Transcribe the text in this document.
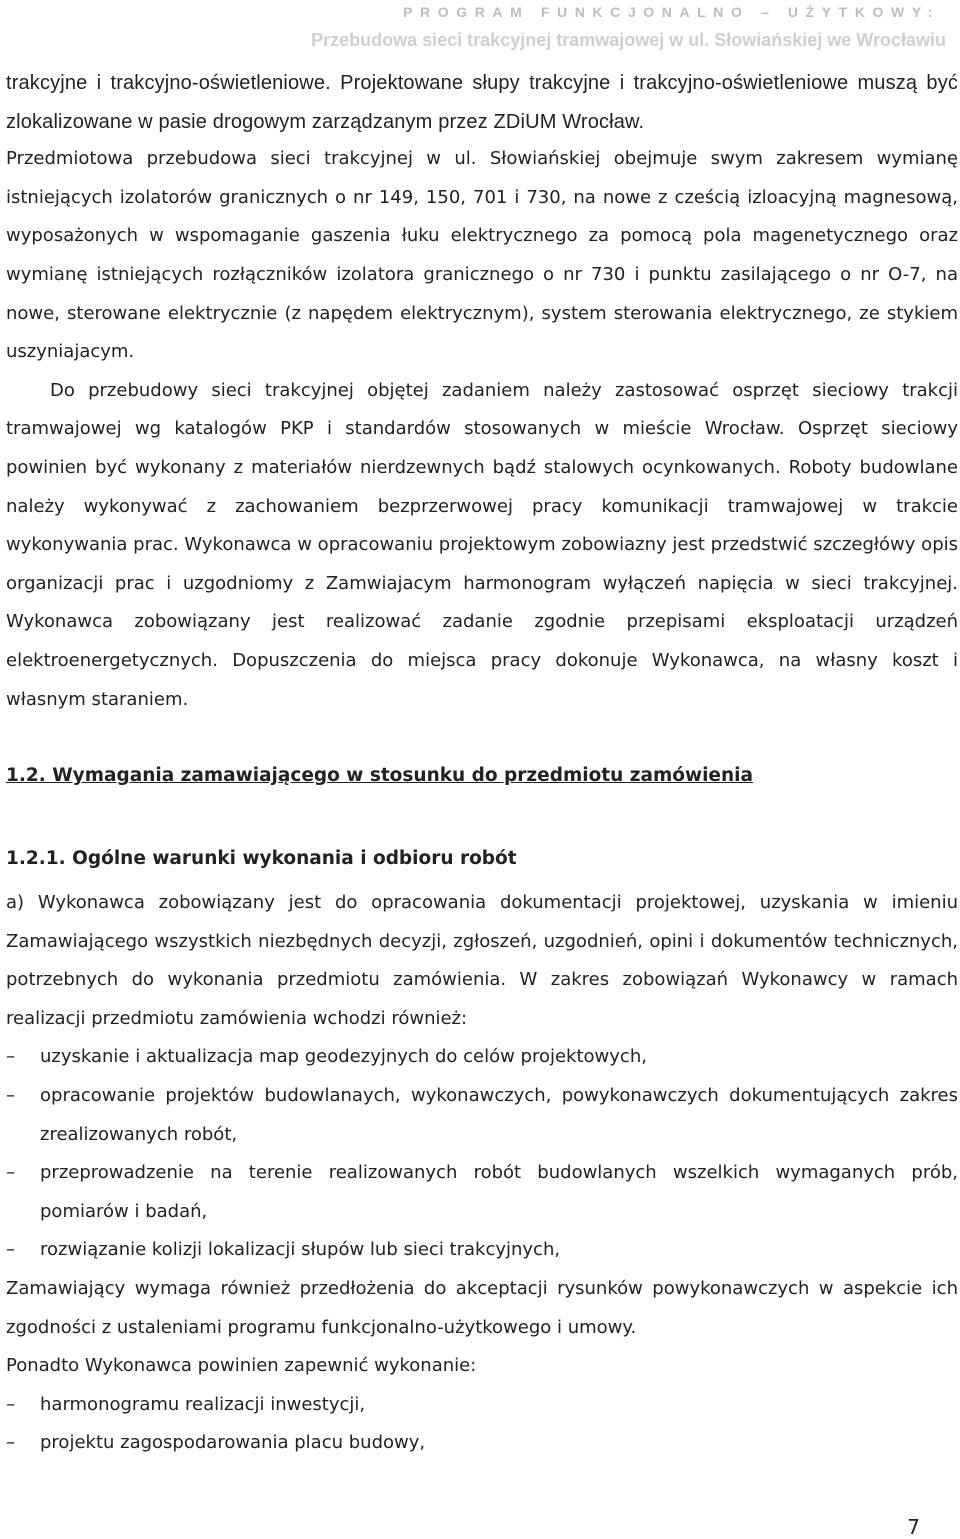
PROGRAM FUNKCJONALNO – UŻYTKOWY:
Przebudowa sieci trakcyjnej tramwajowej w ul. Słowiańskiej we Wrocławiu

trakcyjne i trakcyjno-oświetleniowe. Projektowane słupy trakcyjne i trakcyjno-oświetleniowe muszą być zlokalizowane w pasie drogowym zarządzanym przez ZDiUM Wrocław.

Przedmiotowa przebudowa sieci trakcyjnej w ul. Słowiańskiej obejmuje swym zakresem wymianę istniejących izolatorów granicznych o nr 149, 150, 701 i 730, na nowe z cześcią izloacyjną magnesową, wyposażonych w wspomaganie gaszenia łuku elektrycznego za pomocą pola magenetycznego oraz wymianę istniejących rozłączników izolatora granicznego o nr 730 i punktu zasilającego o nr O-7, na nowe, sterowane elektrycznie (z napędem elektrycznym), system sterowania elektrycznego, ze stykiem uszyniajacym.

Do przebudowy sieci trakcyjnej objętej zadaniem należy zastosować osprzęt sieciowy trakcji tramwajowej wg katalogów PKP i standardów stosowanych w mieście Wrocław. Osprzęt sieciowy powinien być wykonany z materiałów nierdzewnych bądź stalowych ocynkowanych. Roboty budowlane należy wykonywać z zachowaniem bezprzerwowej pracy komunikacji tramwajowej w trakcie wykonywania prac. Wykonawca w opracowaniu projektowym zobowiazny jest przedstwić szczegłówy opis organizacji prac i uzgodniomy z Zamwiajacym harmonogram wyłączeń napięcia w sieci trakcyjnej. Wykonawca zobowiązany jest realizować zadanie zgodnie przepisami eksploatacji urządzeń elektroenergetycznych. Dopuszczenia do miejsca pracy dokonuje Wykonawca, na własny koszt i własnym staraniem.

1.2. Wymagania zamawiającego w stosunku do przedmiotu zamówienia
1.2.1. Ogólne warunki wykonania i odbioru robót

a) Wykonawca zobowiązany jest do opracowania dokumentacji projektowej, uzyskania w imieniu Zamawiającego wszystkich niezbędnych decyzji, zgłoszeń, uzgodnień, opini i dokumentów technicznych, potrzebnych do wykonania przedmiotu zamówienia. W zakres zobowiązań Wykonawcy w ramach realizacji przedmiotu zamówienia wchodzi również:

–	uzyskanie i aktualizacja map geodezyjnych do celów projektowych,
–	opracowanie projektów budowlanaych, wykonawczych, powykonawczych dokumentujących zakres zrealizowanych robót,
–	przeprowadzenie na terenie realizowanych robót budowlanych wszelkich wymaganych prób, pomiarów i badań,
–	rozwiązanie kolizji lokalizacji słupów lub sieci trakcyjnych,

Zamawiający wymaga również przedłożenia do akceptacji rysunków powykonawczych w aspekcie ich zgodności z ustaleniami programu funkcjonalno-użytkowego i umowy.

Ponadto Wykonawca powinien zapewnić wykonanie:

–	harmonogramu realizacji inwestycji,
–	projektu zagospodarowania placu budowy,
7
